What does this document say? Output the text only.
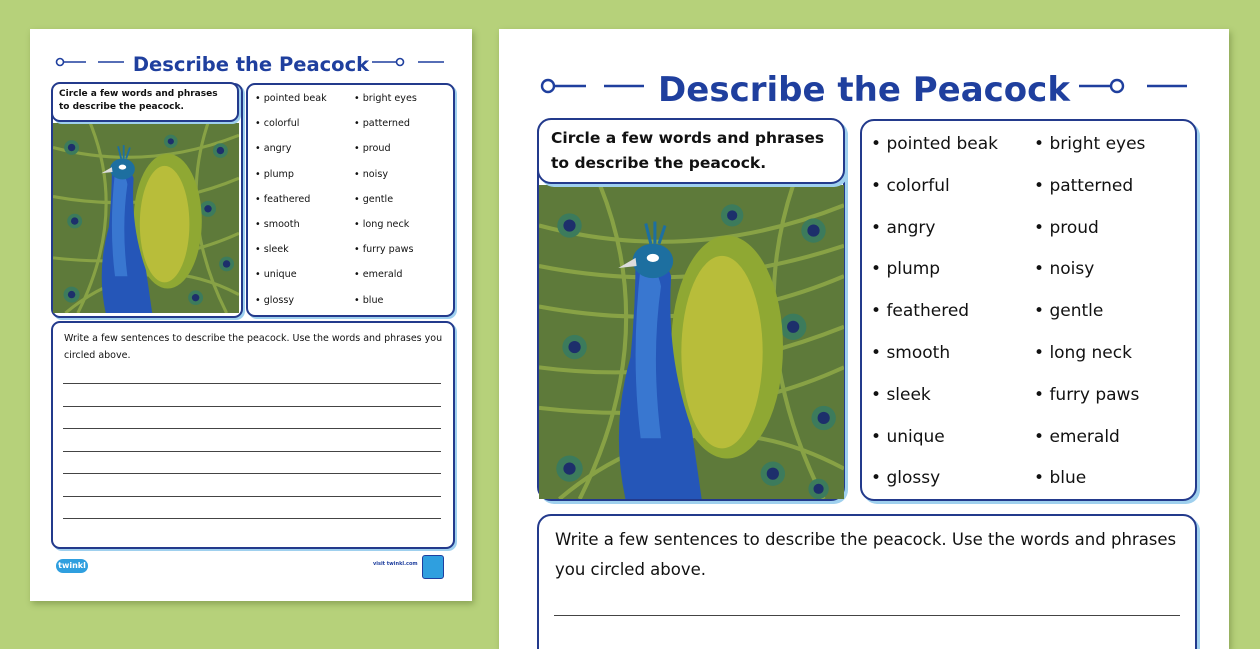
Describe the Peacock
Circle a few words and phrases to describe the peacock.
Write a few sentences to describe the peacock. Use the words and phrases you circled above.
twinkl	visit twinkl.com
• pointed beak
• colorful
• angry
• plump
• feathered
• smooth
• sleek
• unique
• glossy
• bright eyes
• patterned
• proud
• noisy
• gentle
• long neck
• furry paws
• emerald
• blue
Describe the Peacock
Circle a few words and phrases to describe the peacock.
Write a few sentences to describe the peacock. Use the words and phrases you circled above.
• pointed beak
• colorful
• angry
• plump
• feathered
• smooth
• sleek
• unique
• glossy
• bright eyes
• patterned
• proud
• noisy
• gentle
• long neck
• furry paws
• emerald
• blue
